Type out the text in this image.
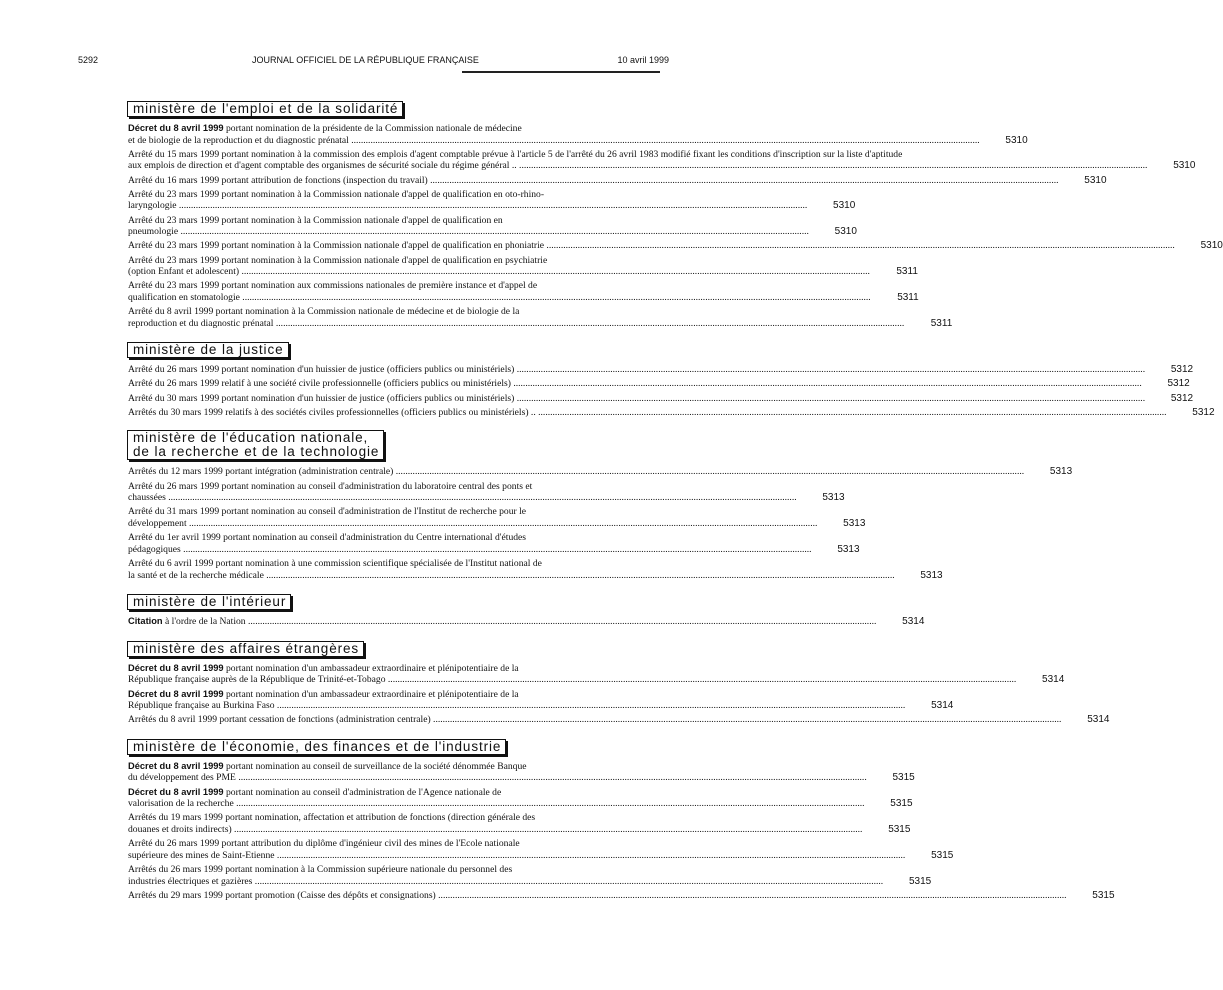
5292	JOURNAL OFFICIEL DE LA RÉPUBLIQUE FRANÇAISE	10 avril 1999
ministère de l'emploi et de la solidarité
Décret du 8 avril 1999 portant nomination de la présidente de la Commission nationale de médecine
et de biologie de la reproduction et du diagnostic prénatal .....	5310
Arrêté du 15 mars 1999 portant nomination à la commission des emplois d'agent comptable prévue à l'article 5 de l'arrêté du 26 avril 1983 modifié fixant les conditions d'inscription sur la liste d'aptitude
aux emplois de direction et d'agent comptable des organismes de sécurité sociale du régime général .. .....	5310
Arrêté du 16 mars 1999 portant attribution de fonctions (inspection du travail) .....	5310
Arrêté du 23 mars 1999 portant nomination à la Commission nationale d'appel de qualification en oto-rhino-
laryngologie .....	5310
Arrêté du 23 mars 1999 portant nomination à la Commission nationale d'appel de qualification en
pneumologie .....	5310
Arrêté du 23 mars 1999 portant nomination à la Commission nationale d'appel de qualification en phoniatrie .....	5310
Arrêté du 23 mars 1999 portant nomination à la Commission nationale d'appel de qualification en psychiatrie
(option Enfant et adolescent) .....	5311
Arrêté du 23 mars 1999 portant nomination aux commissions nationales de première instance et d'appel de
qualification en stomatologie .....	5311
Arrêté du 8 avril 1999 portant nomination à la Commission nationale de médecine et de biologie de la
reproduction et du diagnostic prénatal .....	5311
ministère de la justice
Arrêté du 26 mars 1999 portant nomination d'un huissier de justice (officiers publics ou ministériels) .....	5312
Arrêté du 26 mars 1999 relatif à une société civile professionnelle (officiers publics ou ministériels) .....	5312
Arrêté du 30 mars 1999 portant nomination d'un huissier de justice (officiers publics ou ministériels) .....	5312
Arrêtés du 30 mars 1999 relatifs à des sociétés civiles professionnelles (officiers publics ou ministériels) .. .....	5312
ministère de l'éducation nationale,
de la recherche et de la technologie
Arrêtés du 12 mars 1999 portant intégration (administration centrale) .....	5313
Arrêté du 26 mars 1999 portant nomination au conseil d'administration du laboratoire central des ponts et
chaussées .....	5313
Arrêté du 31 mars 1999 portant nomination au conseil d'administration de l'Institut de recherche pour le
développement .....	5313
Arrêté du 1er avril 1999 portant nomination au conseil d'administration du Centre international d'études
pédagogiques .....	5313
Arrêté du 6 avril 1999 portant nomination à une commission scientifique spécialisée de l'Institut national de
la santé et de la recherche médicale .....	5313
ministère de l'intérieur
Citation à l'ordre de la Nation .....	5314
ministère des affaires étrangères
Décret du 8 avril 1999 portant nomination d'un ambassadeur extraordinaire et plénipotentiaire de la
République française auprès de la République de Trinité-et-Tobago .....	5314
Décret du 8 avril 1999 portant nomination d'un ambassadeur extraordinaire et plénipotentiaire de la
République française au Burkina Faso .....	5314
Arrêtés du 8 avril 1999 portant cessation de fonctions (administration centrale) .....	5314
ministère de l'économie, des finances et de l'industrie
Décret du 8 avril 1999 portant nomination au conseil de surveillance de la société dénommée Banque
du développement des PME .....	5315
Décret du 8 avril 1999 portant nomination au conseil d'administration de l'Agence nationale de
valorisation de la recherche .....	5315
Arrêtés du 19 mars 1999 portant nomination, affectation et attribution de fonctions (direction générale des
douanes et droits indirects) .....	5315
Arrêté du 26 mars 1999 portant attribution du diplôme d'ingénieur civil des mines de l'Ecole nationale
supérieure des mines de Saint-Etienne .....	5315
Arrêtés du 26 mars 1999 portant nomination à la Commission supérieure nationale du personnel des
industries électriques et gazières .....	5315
Arrêtés du 29 mars 1999 portant promotion (Caisse des dépôts et consignations) .....	5315
